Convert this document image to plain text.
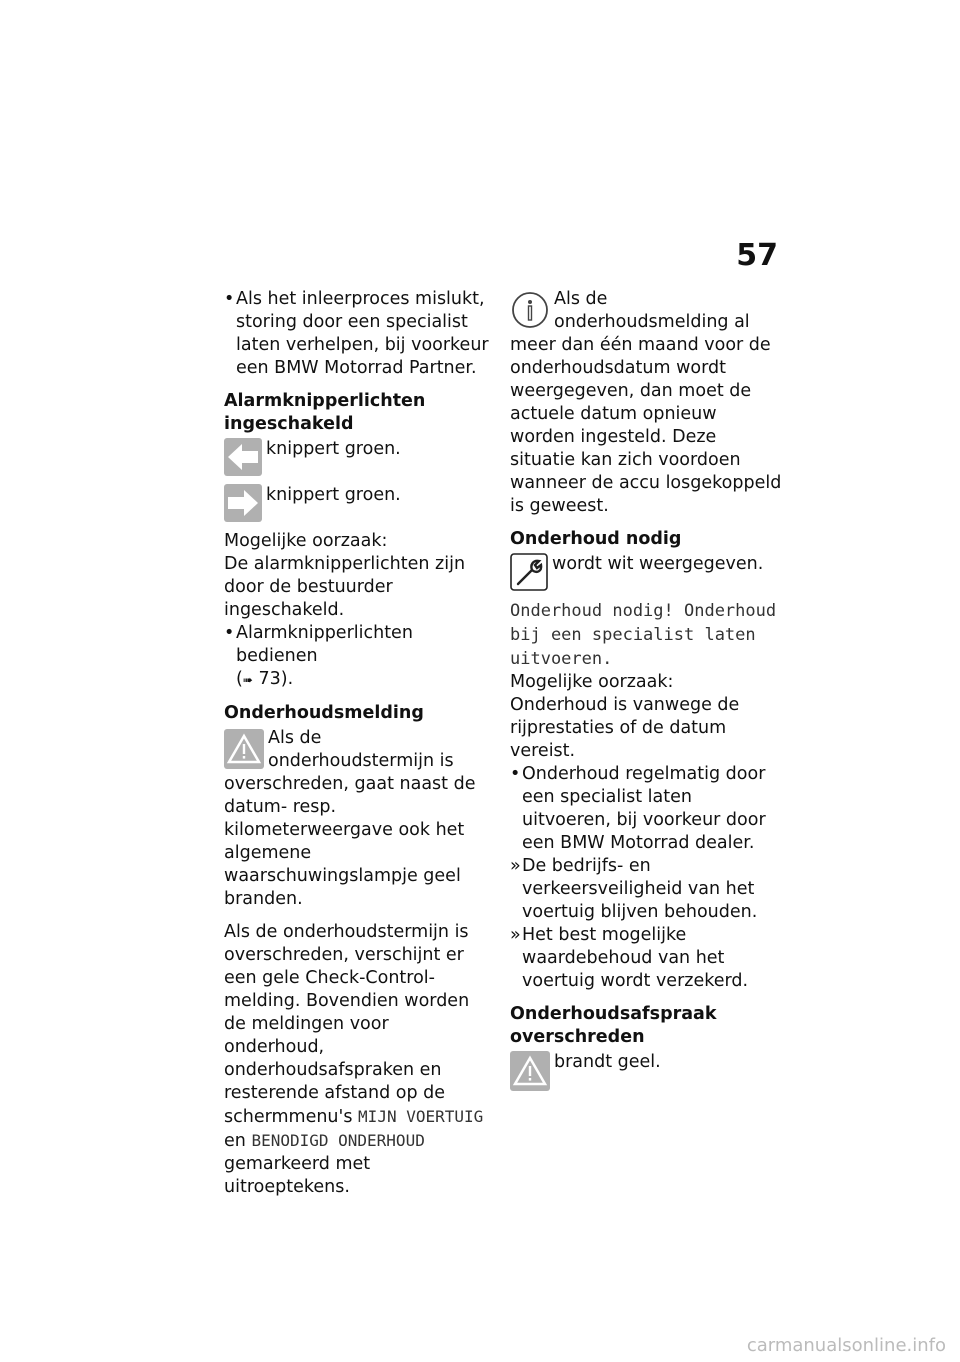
57

•Als het inleerproces mislukt, storing door een specialist laten verhelpen, bij voorkeur een BMW Motorrad Partner.

Alarmknipperlichten ingeschakeld

knippert groen.
knippert groen.

Mogelijke oorzaak:

De alarmknipperlichten zijn door de bestuurder ingeschakeld.

•Alarmknipperlichten bedienen
(➠ 73).

Onderhoudsmelding

Als de onderhoudstermijn is overschreden, gaat naast de datum- resp. kilometerweergave ook het algemene waarschuwingslampje geel branden.

Als de onderhoudstermijn is overschreden, verschijnt er een gele Check-Control-melding. Bovendien worden de meldingen voor onderhoud, onderhoudsafspraken en resterende afstand op de schermmenu's MIJN VOERTUIG en BENODIGD ONDERHOUD gemarkeerd met uitroeptekens.

Als de onderhoudsmelding al meer dan één maand voor de onderhoudsdatum wordt weergegeven, dan moet de actuele datum opnieuw worden ingesteld. Deze situatie kan zich voordoen wanneer de accu losgekoppeld is geweest.

Onderhoud nodig

wordt wit weergegeven.

Onderhoud nodig! Onderhoud bij een specialist laten uitvoeren.

Mogelijke oorzaak:

Onderhoud is vanwege de rijprestaties of de datum vereist.

•Onderhoud regelmatig door een specialist laten uitvoeren, bij voorkeur door een BMW Motorrad dealer.

»De bedrijfs- en verkeersveiligheid van het voertuig blijven behouden.

»Het best mogelijke waardebehoud van het voertuig wordt verzekerd.

Onderhoudsafspraak overschreden

brandt geel.
carmanualsonline.info
